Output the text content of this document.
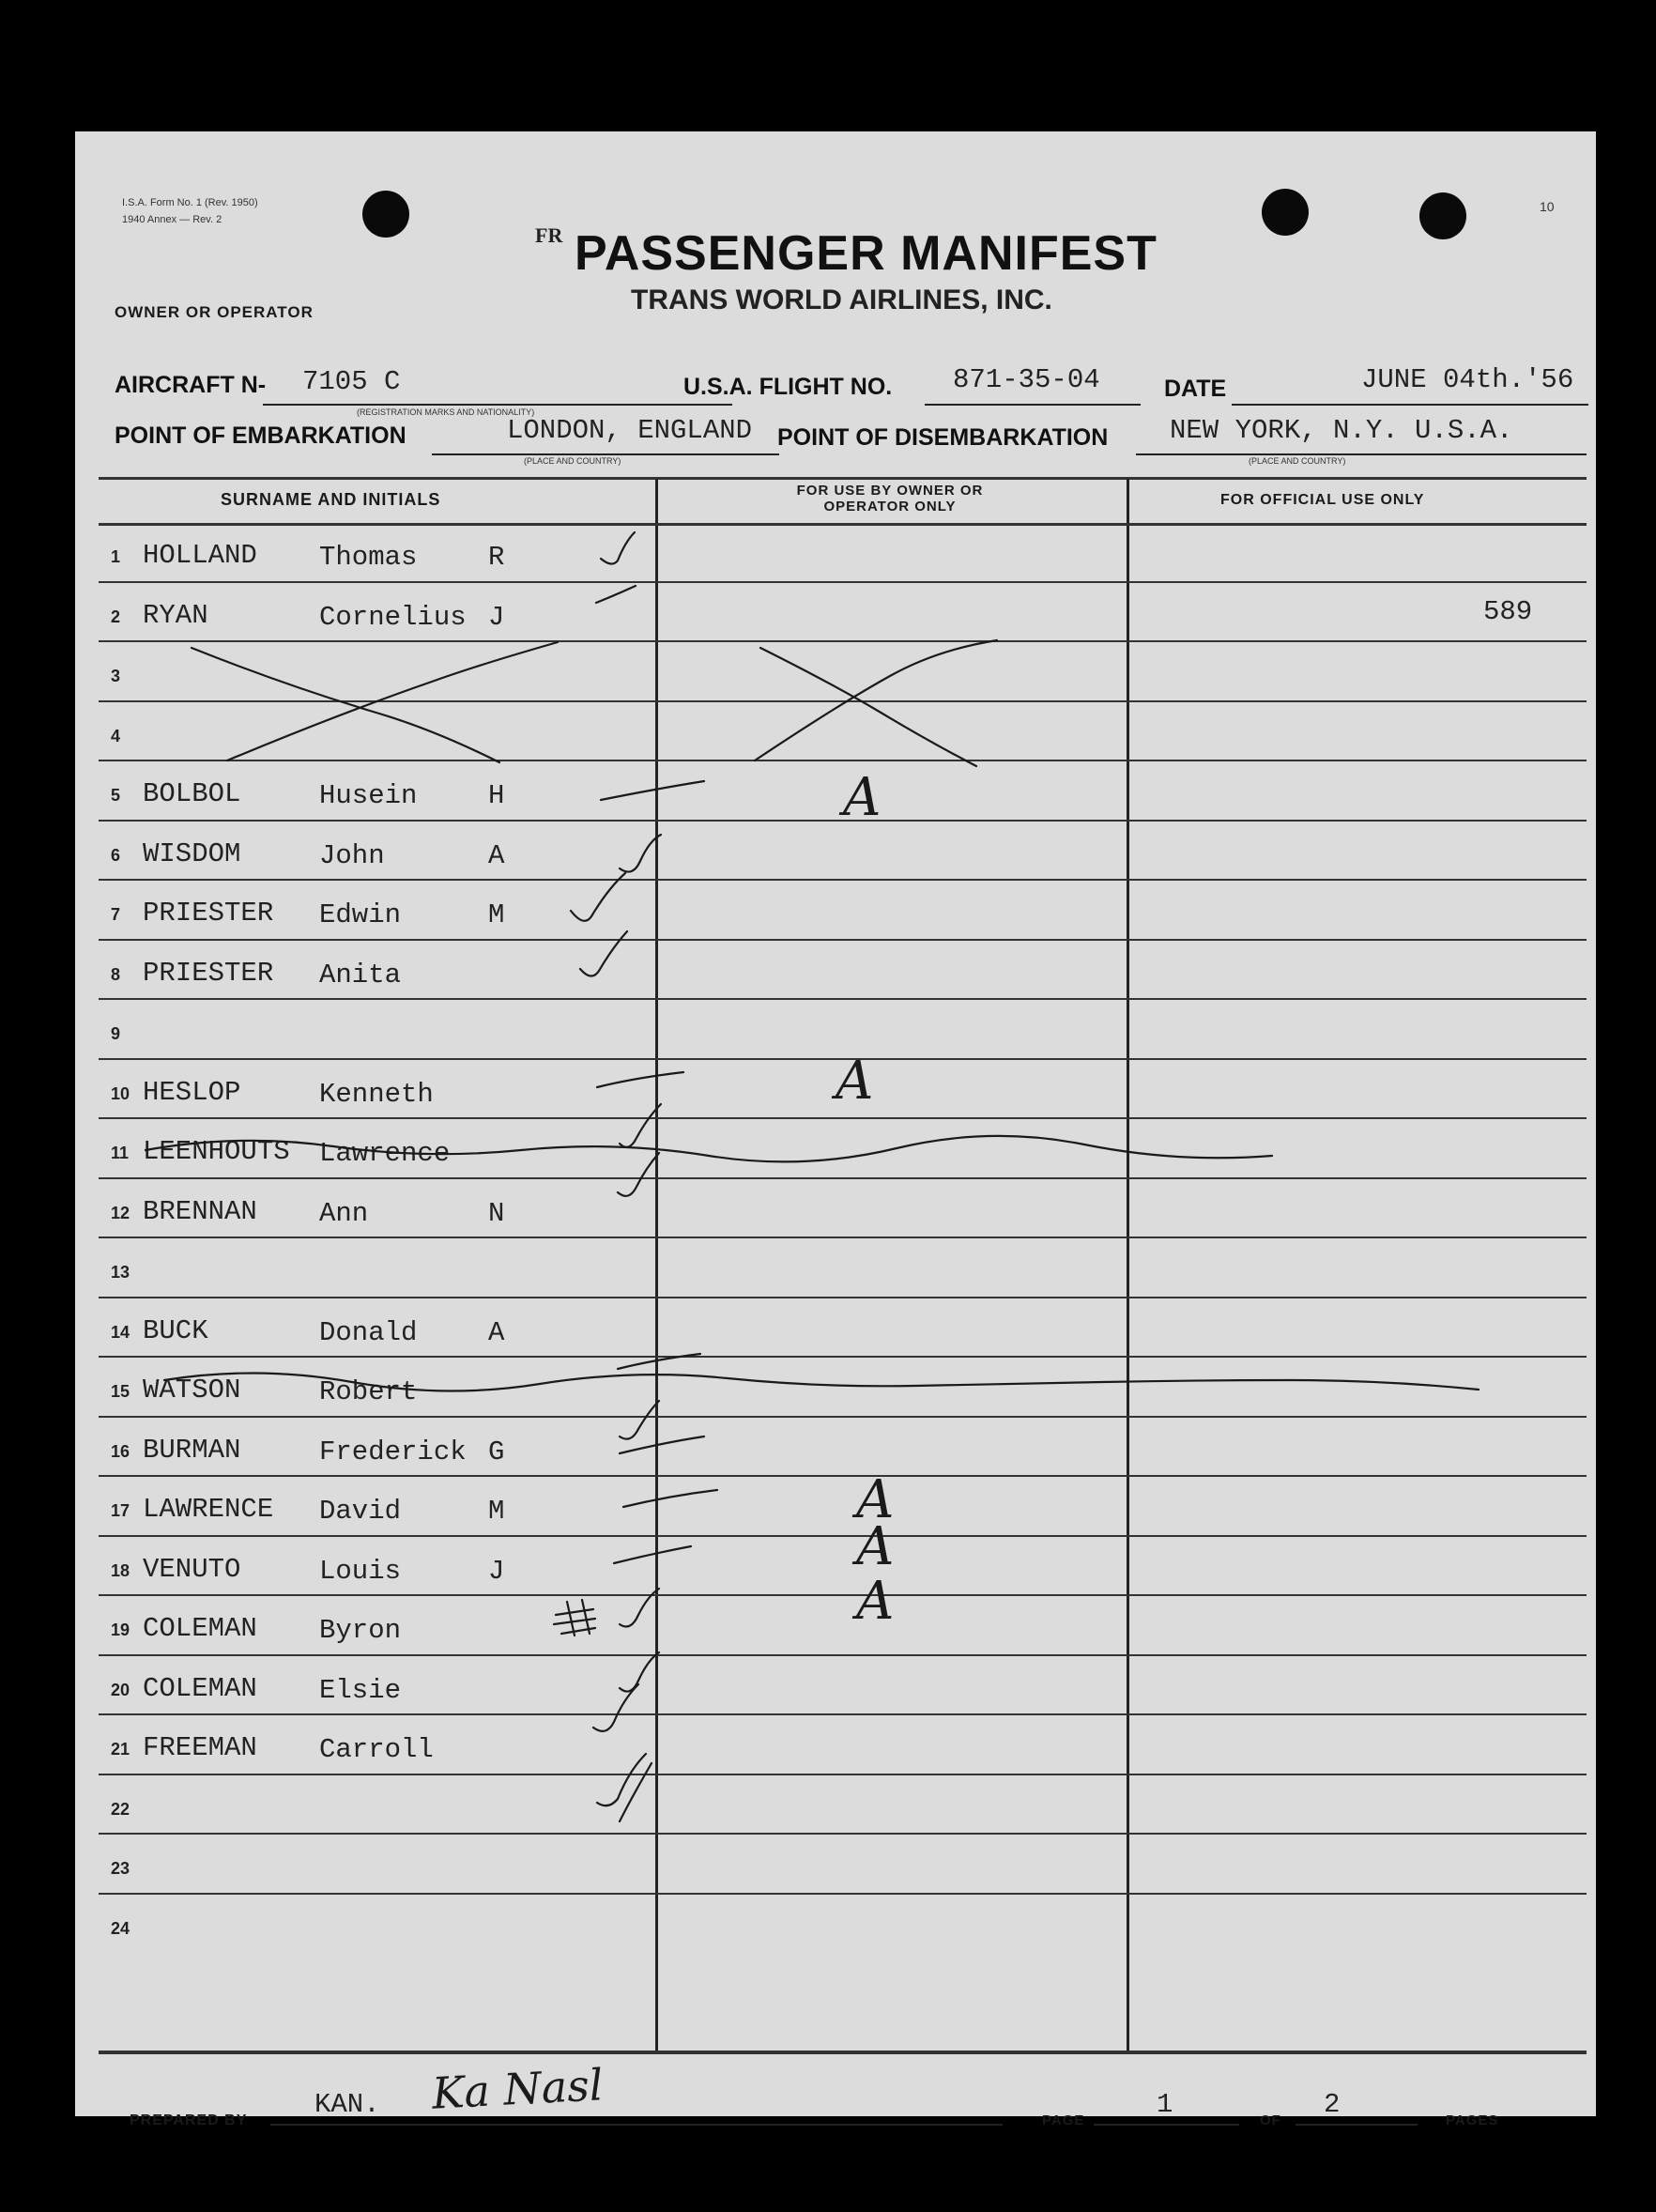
I.S.A. Form No. 1 (Rev. 1950)
1940 Annex — Rev. 2
10
FR PASSENGER MANIFEST
TRANS WORLD AIRLINES, INC.
OWNER OR OPERATOR
AIRCRAFT N- 7105 C
(REGISTRATION MARKS AND NATIONALITY)
U.S.A. FLIGHT NO. 871-35-04	DATE	JUNE 04th.'56
POINT OF EMBARKATION	LONDON, ENGLAND
(PLACE AND COUNTRY)
POINT OF DISEMBARKATION NEW YORK, N.Y. U.S.A.
(PLACE AND COUNTRY)
SURNAME AND INITIALS	FOR USE BY OWNER OR OPERATOR ONLY	FOR OFFICIAL USE ONLY
1 HOLLAND Thomas	R
2 RYAN	Cornelius J	589
3
4
5 BOLBOL	Husein	H
6 WISDOM	John	A
7 PRIESTER Edwin	M
8 PRIESTER Anita
9
10 HESLOP	Kenneth
11 LEENHOUTS Lawrence
12 BRENNAN Ann	N
13
14 BUCK	Donald	A
15 WATSON	Robert
16 BURMAN	Frederick G
17 LAWRENCE David	M
18 VENUTO	Louis	J
19 COLEMAN Byron
20 COLEMAN Elsie
21 FREEMAN Carroll
22
23
24
PREPARED BY
KAN. Ka Nasl
PAGE
1
OF
2
PAGES
A
A
A
A
A
